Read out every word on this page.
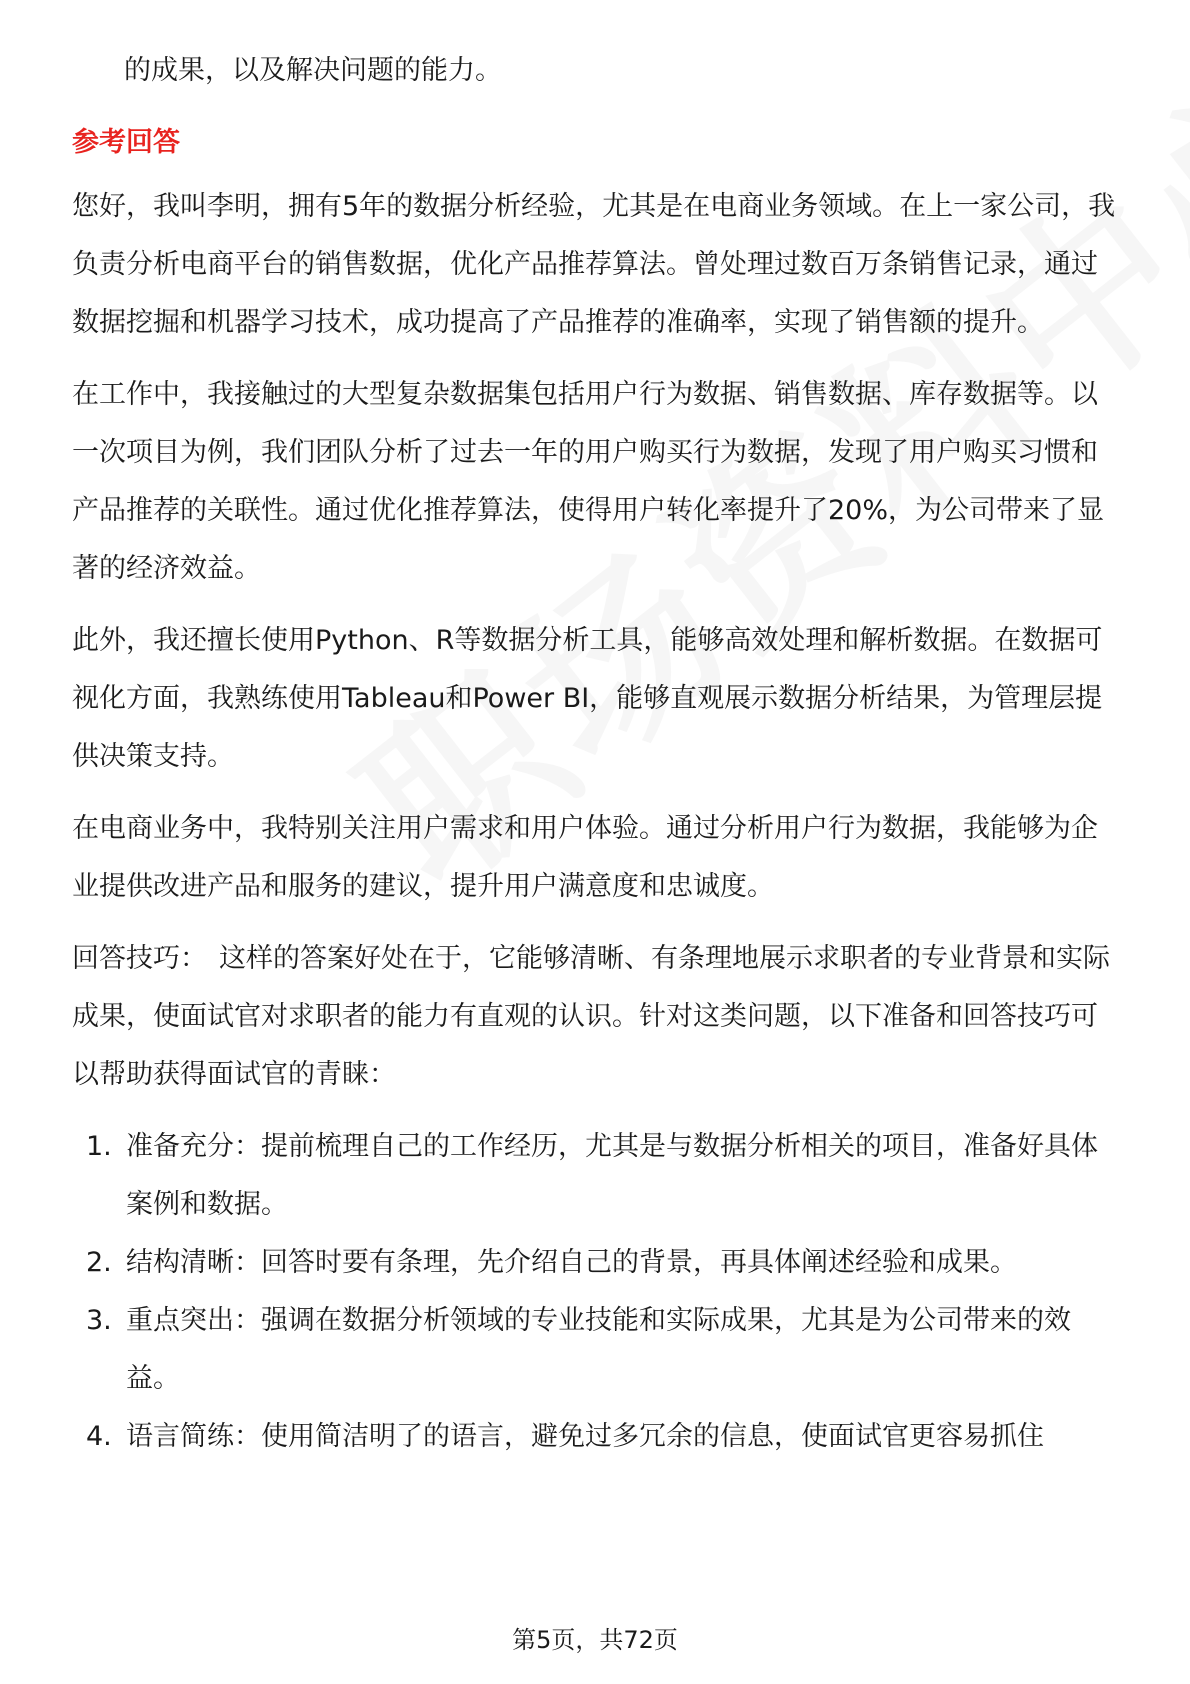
的成果，以及解决问题的能力。

参考回答

您好，我叫李明，拥有5年的数据分析经验，尤其是在电商业务领域。在上一家公司，我负责分析电商平台的销售数据，优化产品推荐算法。曾处理过数百万条销售记录，通过数据挖掘和机器学习技术，成功提高了产品推荐的准确率，实现了销售额的提升。

在工作中，我接触过的大型复杂数据集包括用户行为数据、销售数据、库存数据等。以一次项目为例，我们团队分析了过去一年的用户购买行为数据，发现了用户购买习惯和产品推荐的关联性。通过优化推荐算法，使得用户转化率提升了20%，为公司带来了显著的经济效益。

此外，我还擅长使用Python、R等数据分析工具，能够高效处理和解析数据。在数据可视化方面，我熟练使用Tableau和Power BI，能够直观展示数据分析结果，为管理层提供决策支持。

在电商业务中，我特别关注用户需求和用户体验。通过分析用户行为数据，我能够为企业提供改进产品和服务的建议，提升用户满意度和忠诚度。

回答技巧： 这样的答案好处在于，它能够清晰、有条理地展示求职者的专业背景和实际成果，使面试官对求职者的能力有直观的认识。针对这类问题，以下准备和回答技巧可以帮助获得面试官的青睐：

1. 准备充分：提前梳理自己的工作经历，尤其是与数据分析相关的项目，准备好具体案例和数据。
2. 结构清晰：回答时要有条理，先介绍自己的背景，再具体阐述经验和成果。
3. 重点突出：强调在数据分析领域的专业技能和实际成果，尤其是为公司带来的效益。
4. 语言简练：使用简洁明了的语言，避免过多冗余的信息，使面试官更容易抓住
第5页，共72页
